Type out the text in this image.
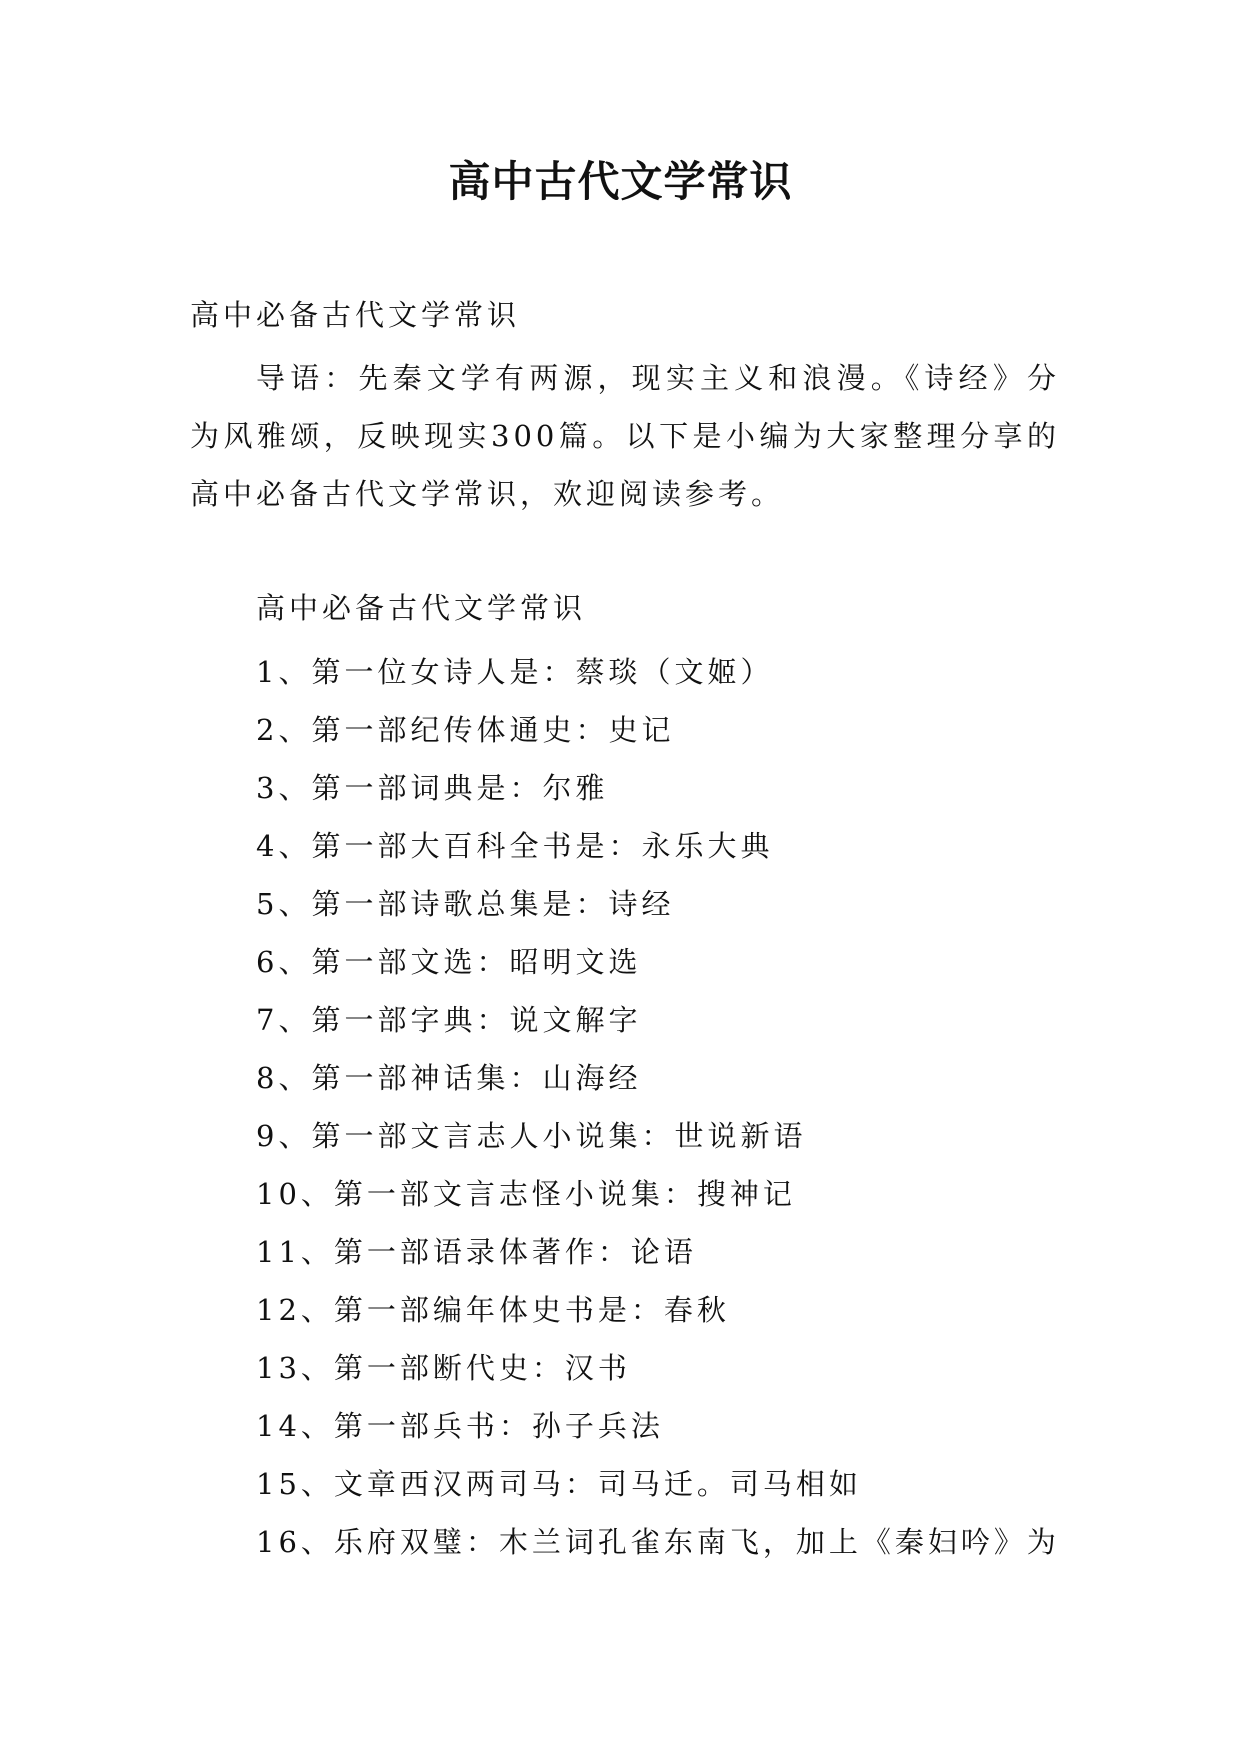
高中古代文学常识
高中必备古代文学常识

导语：先秦文学有两源，现实主义和浪漫。《诗经》分为风雅颂，反映现实300篇。以下是小编为大家整理分享的高中必备古代文学常识，欢迎阅读参考。

高中必备古代文学常识
1、第一位女诗人是：蔡琰（文姬）
2、第一部纪传体通史：史记
3、第一部词典是：尔雅
4、第一部大百科全书是：永乐大典
5、第一部诗歌总集是：诗经
6、第一部文选：昭明文选
7、第一部字典：说文解字
8、第一部神话集：山海经
9、第一部文言志人小说集：世说新语
10、第一部文言志怪小说集：搜神记
11、第一部语录体著作：论语
12、第一部编年体史书是：春秋
13、第一部断代史：汉书
14、第一部兵书：孙子兵法
15、文章西汉两司马：司马迁。司马相如
16、乐府双璧：木兰词孔雀东南飞，加上《秦妇吟》为
